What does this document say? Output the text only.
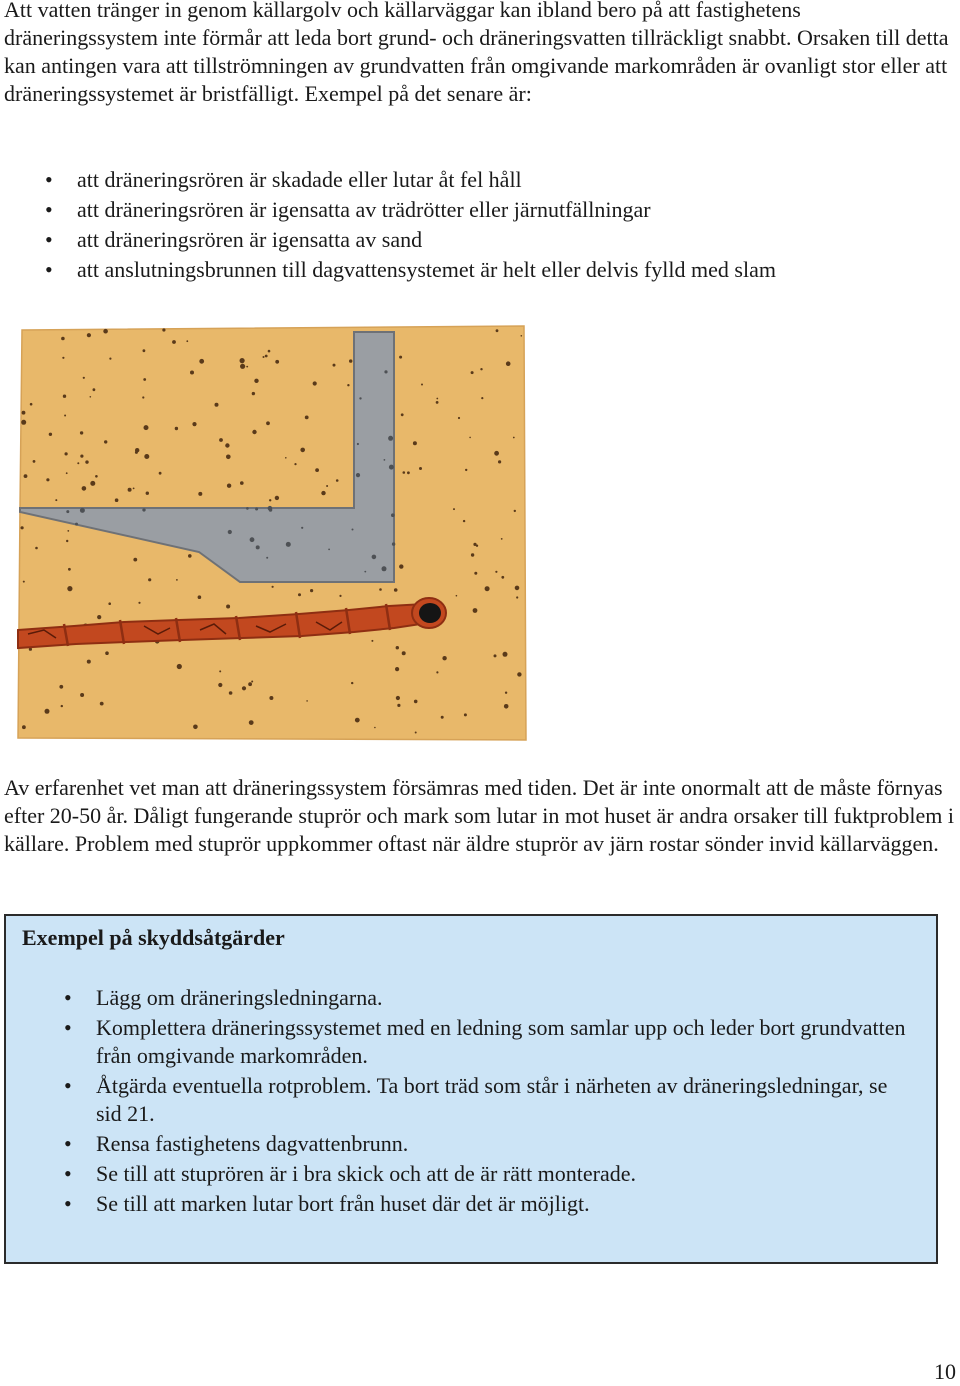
Att vatten tränger in genom källargolv och källarväggar kan ibland bero på att fastighetens dräneringssystem inte förmår att leda bort grund- och dräneringsvatten tillräckligt snabbt. Orsaken till detta kan antingen vara att tillströmningen av grundvatten från omgivande markområden är ovanligt stor eller att dräneringssystemet är bristfälligt. Exempel på det senare är:

• att dräneringsrören är skadade eller lutar åt fel håll
• att dräneringsrören är igensatta av trädrötter eller järnutfällningar
• att dräneringsrören är igensatta av sand
• att anslutningsbrunnen till dagvattensystemet är helt eller delvis fylld med slam

Av erfarenhet vet man att dräneringssystem försämras med tiden. Det är inte onormalt att de måste förnyas efter 20-50 år. Dåligt fungerande stuprör och mark som lutar in mot huset är andra orsaker till fuktproblem i källare. Problem med stuprör uppkommer oftast när äldre stuprör av järn rostar sönder invid källarväggen.

Exempel på skyddsåtgärder

• Lägg om dräneringsledningarna.
• Komplettera dräneringssystemet med en ledning som samlar upp och leder bort grundvatten från omgivande markområden.
• Åtgärda eventuella rotproblem. Ta bort träd som står i närheten av dräneringsledningar, se sid 21.
• Rensa fastighetens dagvattenbrunn.
• Se till att stuprören är i bra skick och att de är rätt monterade.
• Se till att marken lutar bort från huset där det är möjligt.
10
